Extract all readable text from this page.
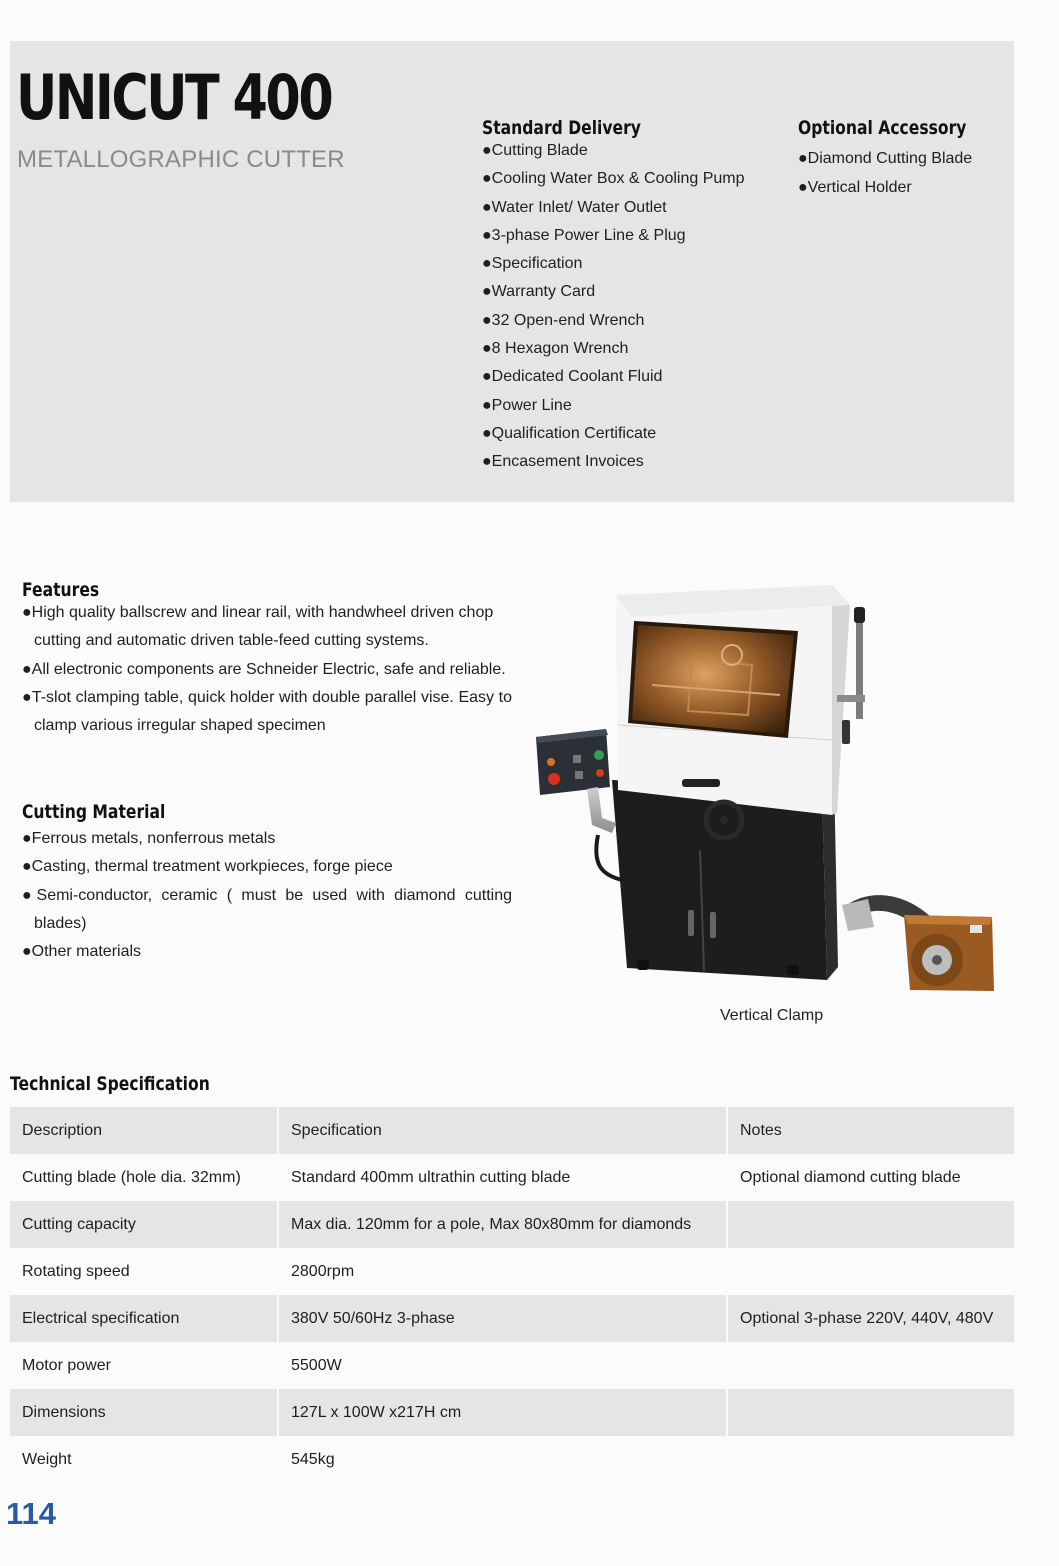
UNICUT 400
METALLOGRAPHIC CUTTER
Standard Delivery
●Cutting Blade
●Cooling Water Box & Cooling Pump
●Water Inlet/ Water Outlet
●3-phase Power Line & Plug
●Specification
●Warranty Card
●32 Open-end Wrench
●8 Hexagon Wrench
●Dedicated Coolant Fluid
●Power Line
●Qualification Certificate
●Encasement Invoices
Optional Accessory
●Diamond Cutting Blade
●Vertical Holder
Features
●High quality ballscrew and linear rail, with handwheel driven chop cutting and automatic driven table-feed cutting systems.
●All electronic components are Schneider Electric, safe and reliable.
●T-slot clamping table, quick holder with double parallel vise. Easy to clamp various irregular shaped specimen
Cutting Material
●Ferrous metals, nonferrous metals
●Casting, thermal treatment workpieces, forge piece
●Semi-conductor, ceramic ( must be used with diamond cutting blades)
●Other materials
Vertical Clamp
Technical Specification
Description	Specification	Notes
Cutting blade (hole dia. 32mm)	Standard 400mm ultrathin cutting blade	Optional diamond cutting blade
Cutting capacity	Max dia. 120mm for a pole, Max 80x80mm for diamonds	
Rotating speed	2800rpm	
Electrical specification	380V 50/60Hz 3-phase	Optional 3-phase 220V, 440V, 480V
Motor power	5500W	
Dimensions	127L x 100W x217H cm	
Weight	545kg	
114
